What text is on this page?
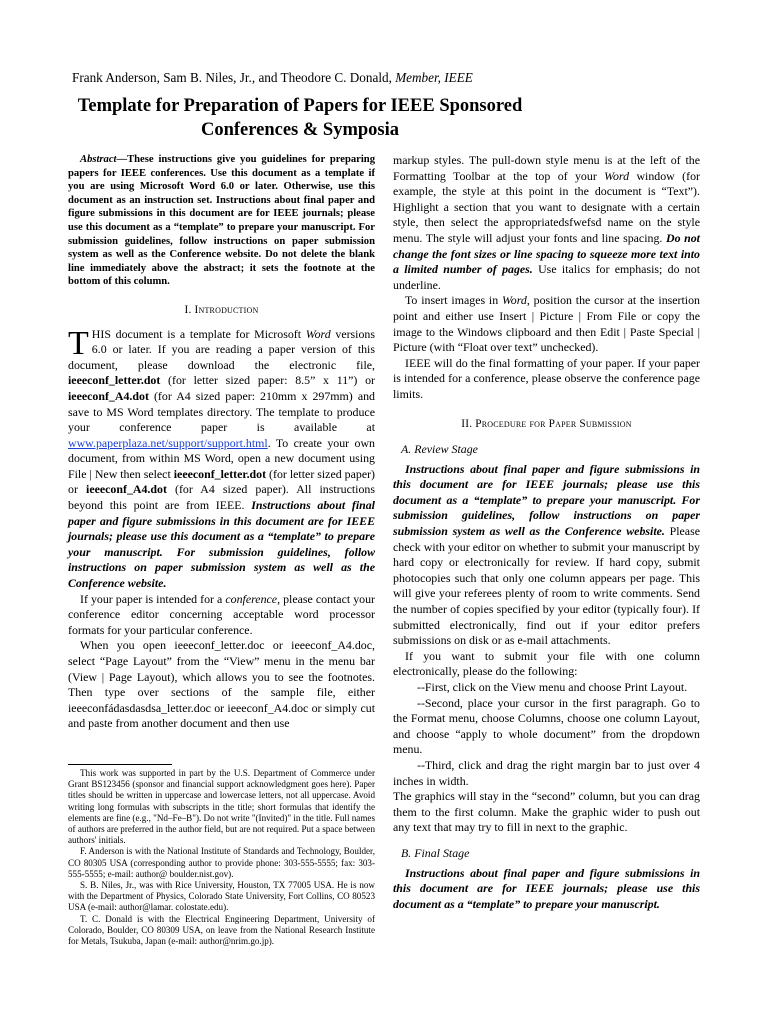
Frank Anderson, Sam B. Niles, Jr., and Theodore C. Donald, Member, IEEE
Template for Preparation of Papers for IEEE Sponsored Conferences & Symposia

Abstract—These instructions give you guidelines for preparing papers for IEEE conferences. Use this document as a template if you are using Microsoft Word 6.0 or later. Otherwise, use this document as an instruction set. Instructions about final paper and figure submissions in this document are for IEEE journals; please use this document as a “template” to prepare your manuscript. For submission guidelines, follow instructions on paper submission system as well as the Conference website. Do not delete the blank line immediately above the abstract; it sets the footnote at the bottom of this column.

I. Introduction

THIS document is a template for Microsoft Word versions 6.0 or later. If you are reading a paper version of this document, please download the electronic file, ieeeconf_letter.dot (for letter sized paper: 8.5” x 11”) or ieeeconf_A4.dot (for A4 sized paper: 210mm x 297mm) and save to MS Word templates directory. The template to produce your conference paper is available at www.paperplaza.net/support/support.html. To create your own document, from within MS Word, open a new document using File | New then select ieeeconf_letter.dot (for letter sized paper) or ieeeconf_A4.dot (for A4 sized paper). All instructions beyond this point are from IEEE. Instructions about final paper and figure submissions in this document are for IEEE journals; please use this document as a “template” to prepare your manuscript. For submission guidelines, follow instructions on paper submission system as well as the Conference website.

If your paper is intended for a conference, please contact your conference editor concerning acceptable word processor formats for your particular conference.

When you open ieeeconf_letter.doc or ieeeconf_A4.doc, select “Page Layout” from the “View” menu in the menu bar (View | Page Layout), which allows you to see the footnotes. Then type over sections of the sample file, either ieeeconfádasdasdsa_letter.doc or ieeeconf_A4.doc or simply cut and paste from another document and then use

This work was supported in part by the U.S. Department of Commerce under Grant BS123456 (sponsor and financial support acknowledgment goes here). Paper titles should be written in uppercase and lowercase letters, not all uppercase. Avoid writing long formulas with subscripts in the title; short formulas that identify the elements are fine (e.g., "Nd–Fe–B"). Do not write "(Invited)" in the title. Full names of authors are preferred in the author field, but are not required. Put a space between authors' initials.

F. Anderson is with the National Institute of Standards and Technology, Boulder, CO 80305 USA (corresponding author to provide phone: 303-555-5555; fax: 303-555-5555; e-mail: author@ boulder.nist.gov).

S. B. Niles, Jr., was with Rice University, Houston, TX 77005 USA. He is now with the Department of Physics, Colorado State University, Fort Collins, CO 80523 USA (e-mail: author@lamar. colostate.edu).

T. C. Donald is with the Electrical Engineering Department, University of Colorado, Boulder, CO 80309 USA, on leave from the National Research Institute for Metals, Tsukuba, Japan (e-mail: author@nrim.go.jp).

markup styles. The pull-down style menu is at the left of the Formatting Toolbar at the top of your Word window (for example, the style at this point in the document is “Text”). Highlight a section that you want to designate with a certain style, then select the appropriatedsfwefsd name on the style menu. The style will adjust your fonts and line spacing. Do not change the font sizes or line spacing to squeeze more text into a limited number of pages. Use italics for emphasis; do not underline.

To insert images in Word, position the cursor at the insertion point and either use Insert | Picture | From File or copy the image to the Windows clipboard and then Edit | Paste Special | Picture (with “Float over text” unchecked).

IEEE will do the final formatting of your paper. If your paper is intended for a conference, please observe the conference page limits.

II. Procedure for Paper Submission
A. Review Stage

Instructions about final paper and figure submissions in this document are for IEEE journals; please use this document as a “template” to prepare your manuscript. For submission guidelines, follow instructions on paper submission system as well as the Conference website. Please check with your editor on whether to submit your manuscript by hard copy or electronically for review. If hard copy, submit photocopies such that only one column appears per page. This will give your referees plenty of room to write comments. Send the number of copies specified by your editor (typically four). If submitted electronically, find out if your editor prefers submissions on disk or as e-mail attachments.

If you want to submit your file with one column electronically, please do the following:

--First, click on the View menu and choose Print Layout.

--Second, place your cursor in the first paragraph. Go to the Format menu, choose Columns, choose one column Layout, and choose “apply to whole document” from the dropdown menu.

--Third, click and drag the right margin bar to just over 4 inches in width.

The graphics will stay in the “second” column, but you can drag them to the first column. Make the graphic wider to push out any text that may try to fill in next to the graphic.

B. Final Stage

Instructions about final paper and figure submissions in this document are for IEEE journals; please use this document as a “template” to prepare your manuscript.
